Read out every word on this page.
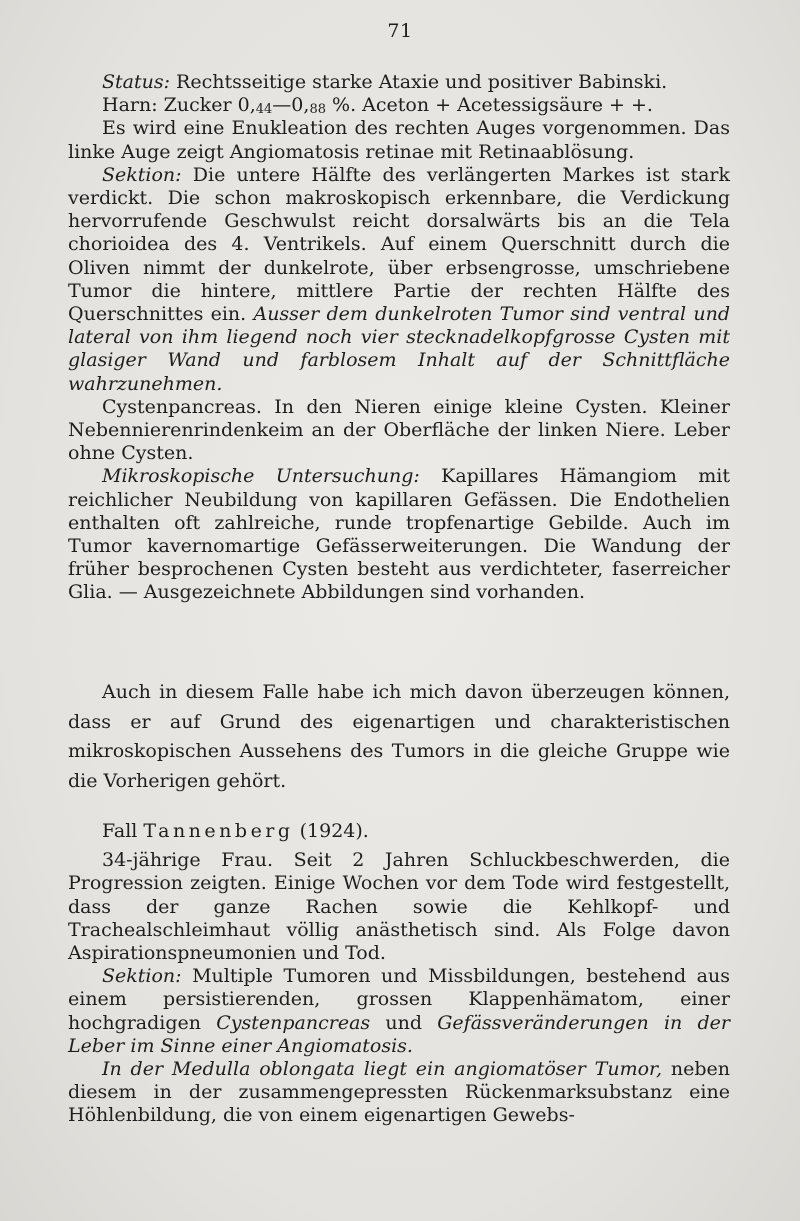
71

Status: Rechtsseitige starke Ataxie und positiver Babinski.

Harn: Zucker $0,_{44}—0,_{88}$ %. Aceton + Acetessigsäure + +.

Es wird eine Enukleation des rechten Auges vorgenommen. Das linke Auge zeigt Angiomatosis retinae mit Retinaablösung.

Sektion: Die untere Hälfte des verlängerten Markes ist stark verdickt. Die schon makroskopisch erkennbare, die Verdickung hervorrufende Geschwulst reicht dorsalwärts bis an die Tela chorioidea des 4. Ventrikels. Auf einem Querschnitt durch die Oliven nimmt der dunkelrote, über erbsengrosse, umschriebene Tumor die hintere, mittlere Partie der rechten Hälfte des Querschnittes ein. Ausser dem dunkelroten Tumor sind ventral und lateral von ihm liegend noch vier stecknadelkopfgrosse Cysten mit glasiger Wand und farblosem Inhalt auf der Schnittfläche wahrzunehmen.

Cystenpancreas. In den Nieren einige kleine Cysten. Kleiner Nebennierenrindenkeim an der Oberfläche der linken Niere. Leber ohne Cysten.

Mikroskopische Untersuchung: Kapillares Hämangiom mit reichlicher Neubildung von kapillaren Gefässen. Die Endothelien enthalten oft zahlreiche, runde tropfenartige Gebilde. Auch im Tumor kavernomartige Gefässerweiterungen. Die Wandung der früher besprochenen Cysten besteht aus verdichteter, faserreicher Glia. — Ausgezeichnete Abbildungen sind vorhanden.

Auch in diesem Falle habe ich mich davon überzeugen können, dass er auf Grund des eigenartigen und charakteristischen mikroskopischen Aussehens des Tumors in die gleiche Gruppe wie die Vorherigen gehört.

Fall Tannenberg (1924).

34-jährige Frau. Seit 2 Jahren Schluckbeschwerden, die Progression zeigten. Einige Wochen vor dem Tode wird festgestellt, dass der ganze Rachen sowie die Kehlkopf- und Trachealschleimhaut völlig anästhetisch sind. Als Folge davon Aspirationspneumonien und Tod.

Sektion: Multiple Tumoren und Missbildungen, bestehend aus einem persistierenden, grossen Klappenhämatom, einer hochgradigen Cystenpancreas und Gefässveränderungen in der Leber im Sinne einer Angiomatosis.

In der Medulla oblongata liegt ein angiomatöser Tumor, neben diesem in der zusammengepressten Rückenmarksubstanz eine Höhlenbildung, die von einem eigenartigen Gewebs-
